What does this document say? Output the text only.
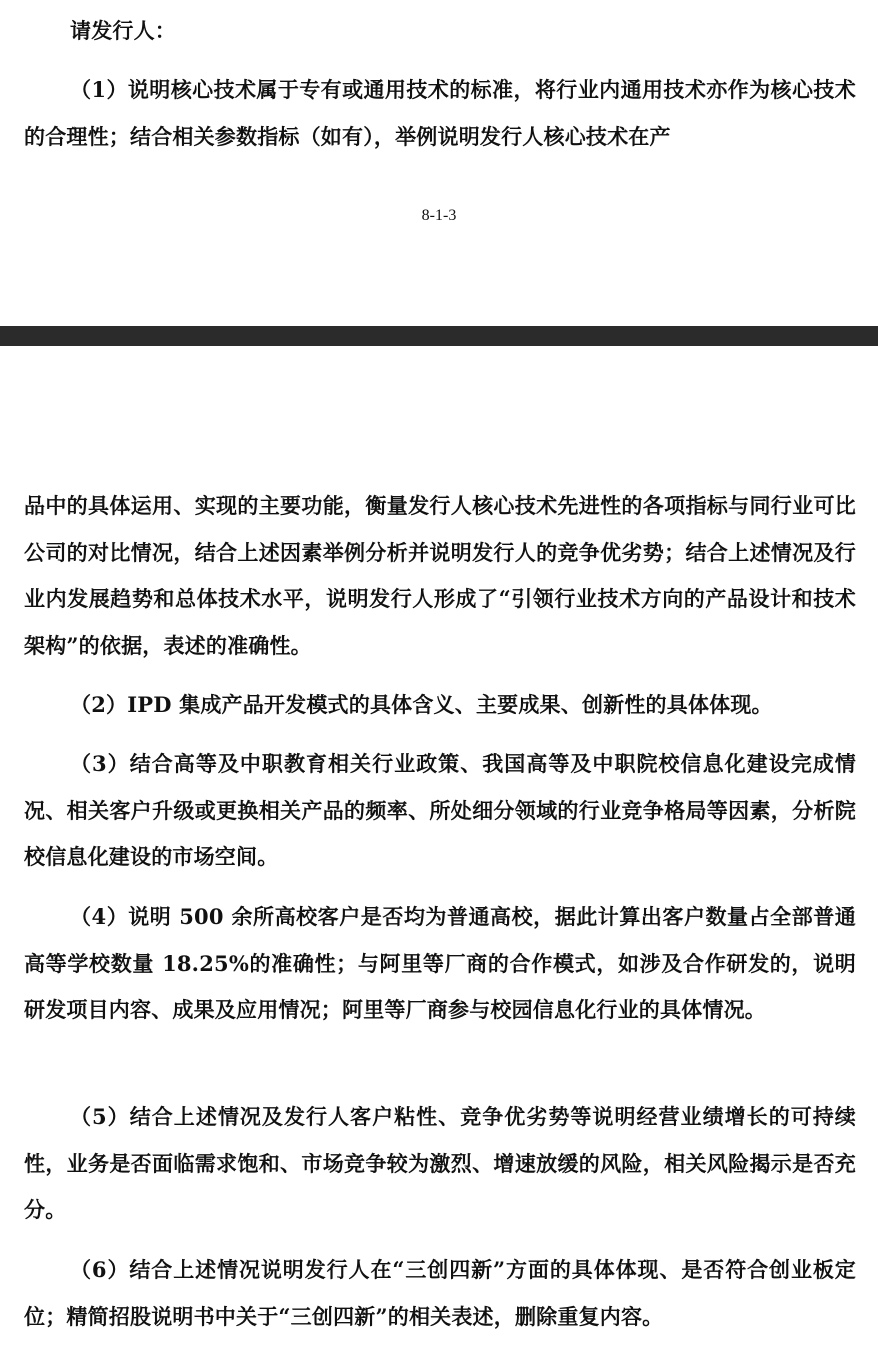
请发行人：

（1）说明核心技术属于专有或通用技术的标准，将行业内通用技术亦作为核心技术的合理性；结合相关参数指标（如有），举例说明发行人核心技术在产

8-1-3

品中的具体运用、实现的主要功能，衡量发行人核心技术先进性的各项指标与同行业可比公司的对比情况，结合上述因素举例分析并说明发行人的竞争优劣势；结合上述情况及行业内发展趋势和总体技术水平，说明发行人形成了“引领行业技术方向的产品设计和技术架构”的依据，表述的准确性。

（2）IPD 集成产品开发模式的具体含义、主要成果、创新性的具体体现。

（3）结合高等及中职教育相关行业政策、我国高等及中职院校信息化建设完成情况、相关客户升级或更换相关产品的频率、所处细分领域的行业竞争格局等因素，分析院校信息化建设的市场空间。

（4）说明 500 余所高校客户是否均为普通高校，据此计算出客户数量占全部普通高等学校数量 18.25%的准确性；与阿里等厂商的合作模式，如涉及合作研发的，说明研发项目内容、成果及应用情况；阿里等厂商参与校园信息化行业的具体情况。

（5）结合上述情况及发行人客户粘性、竞争优劣势等说明经营业绩增长的可持续性，业务是否面临需求饱和、市场竞争较为激烈、增速放缓的风险，相关风险揭示是否充分。

（6）结合上述情况说明发行人在“三创四新”方面的具体体现、是否符合创业板定位；精简招股说明书中关于“三创四新”的相关表述，删除重复内容。
